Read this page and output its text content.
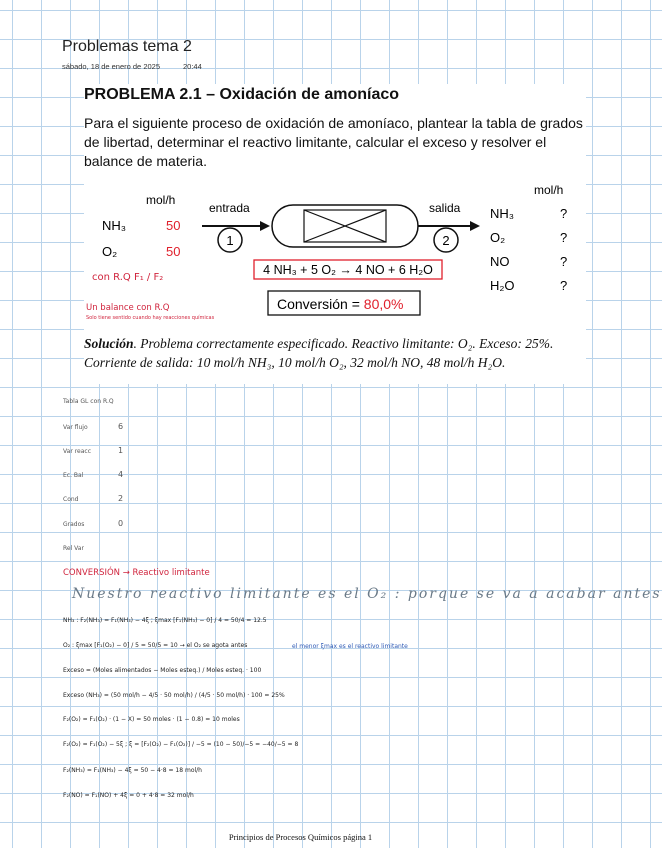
Problemas tema 2
sábado, 18 de enero de 2025	20:44
PROBLEMA 2.1 – Oxidación de amoníaco
Para el siguiente proceso de oxidación de amoníaco, plantear la tabla de grados de libertad, determinar el reactivo limitante, calcular el exceso y resolver el balance de materia.
mol/h
NH₃	50
O₂	50
entrada
1
salida
2
mol/h
NH₃	?
O₂	?
NO	?
H₂O	?
4 NH₃ + 5 O₂ → 4 NO + 6 H₂O
Conversión = 80,0%
Solución. Problema correctamente especificado. Reactivo limitante: O₂. Exceso: 25%. Corriente de salida: 10 mol/h NH₃, 10 mol/h O₂, 32 mol/h NO, 48 mol/h H₂O.
con R.Q F₁ / F₂
Un balance con R.Q
Solo tiene sentido cuando hay reacciones químicas
Tabla GL con R.Q
Var flujo	6
Var reacc	1
Ec. Bal	4
Cond	2
Grados	0
Rel Var
CONVERSIÓN → Reactivo limitante
Nuestro reactivo limitante es el O₂ : porque se va a acabar antes
NH₃ : F₂(NH₃) = F₁(NH₃) − 4ξ ; ξmax [F₁(NH₃) − 0] / 4 = 50/4 = 12.5
O₂ : ξmax [F₁(O₂) − 0] / 5 = 50/5 = 10 → el O₂ se agota antes	el menor ξmax es el reactivo limitante
Exceso = (Moles alimentados − Moles esteq.) / Moles esteq. · 100
Exceso (NH₃) = (50 mol/h − 4/5 · 50 mol/h) / (4/5 · 50 mol/h) · 100 = 25%
F₂(O₂) = F₁(O₂) · (1 − X) = 50 moles · (1 − 0.8) = 10 moles
F₂(O₂) = F₁(O₂) − 5ξ ; ξ = [F₂(O₂) − F₁(O₂)] / −5 = (10 − 50)/−5 = −40/−5 = 8
F₂(NH₃) = F₁(NH₃) − 4ξ = 50 − 4·8 = 18 mol/h
F₂(NO) = F₁(NO) + 4ξ = 0 + 4·8 = 32 mol/h
Principios de Procesos Químicos página 1
